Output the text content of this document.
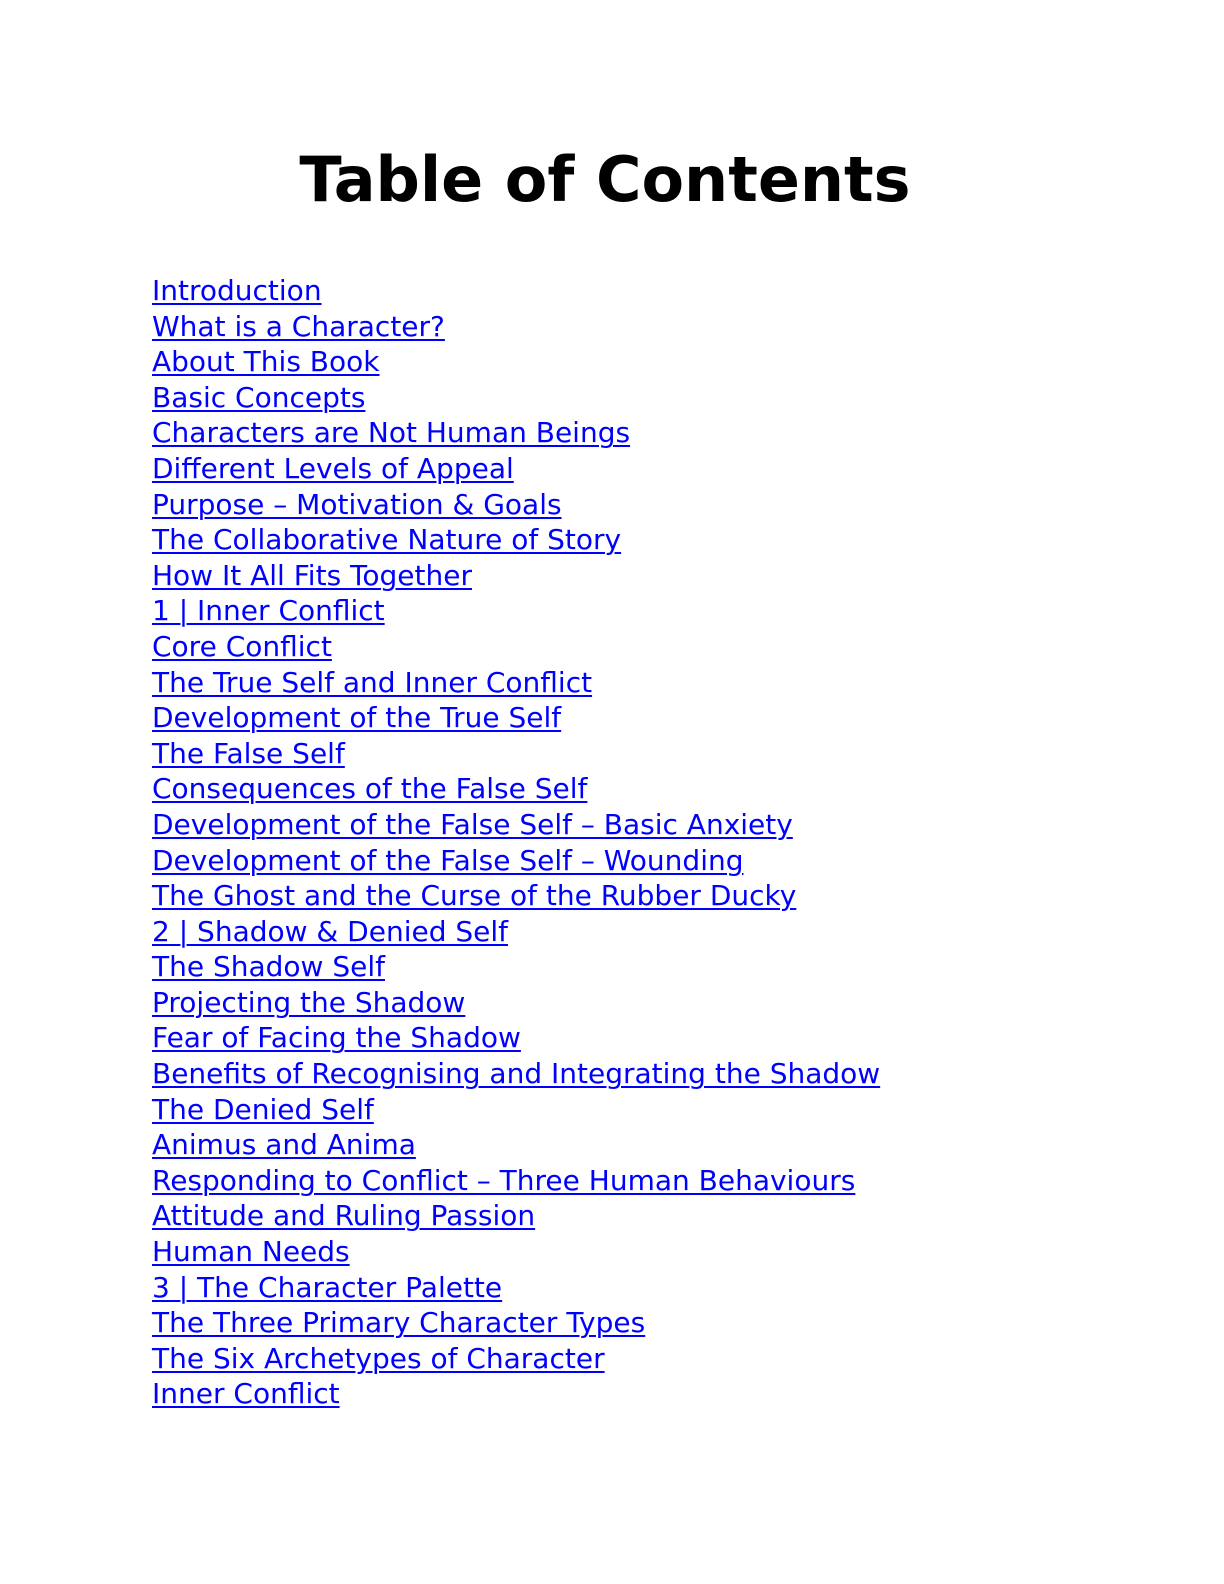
Table of Contents
Introduction
What is a Character?
About This Book
Basic Concepts
Characters are Not Human Beings
Different Levels of Appeal
Purpose – Motivation & Goals
The Collaborative Nature of Story
How It All Fits Together
1 | Inner Conflict
Core Conflict
The True Self and Inner Conflict
Development of the True Self
The False Self
Consequences of the False Self
Development of the False Self – Basic Anxiety
Development of the False Self – Wounding
The Ghost and the Curse of the Rubber Ducky
2 | Shadow & Denied Self
The Shadow Self
Projecting the Shadow
Fear of Facing the Shadow
Benefits of Recognising and Integrating the Shadow
The Denied Self
Animus and Anima
Responding to Conflict – Three Human Behaviours
Attitude and Ruling Passion
Human Needs
3 | The Character Palette
The Three Primary Character Types
The Six Archetypes of Character
Inner Conflict
